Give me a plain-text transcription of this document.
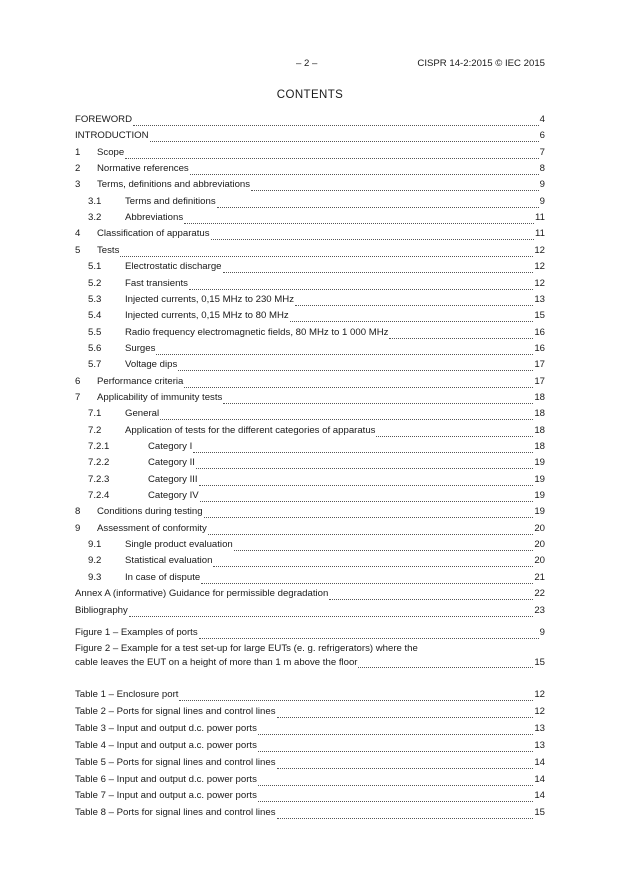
– 2 –	CISPR 14-2:2015 © IEC 2015
CONTENTS
FOREWORD	4
INTRODUCTION	6
1	Scope	7
2	Normative references	8
3	Terms, definitions and abbreviations	9
3.1	Terms and definitions	9
3.2	Abbreviations	11
4	Classification of apparatus	11
5	Tests	12
5.1	Electrostatic discharge	12
5.2	Fast transients	12
5.3	Injected currents, 0,15 MHz to 230 MHz	13
5.4	Injected currents, 0,15 MHz to 80 MHz	15
5.5	Radio frequency electromagnetic fields, 80 MHz to 1 000 MHz	16
5.6	Surges	16
5.7	Voltage dips	17
6	Performance criteria	17
7	Applicability of immunity tests	18
7.1	General	18
7.2	Application of tests for the different categories of apparatus	18
7.2.1	Category I	18
7.2.2	Category II	19
7.2.3	Category III	19
7.2.4	Category IV	19
8	Conditions during testing	19
9	Assessment of conformity	20
9.1	Single product evaluation	20
9.2	Statistical evaluation	20
9.3	In case of dispute	21
Annex A (informative) Guidance for permissible degradation	22
Bibliography	23
Figure 1 – Examples of ports	9
Figure 2 – Example for a test set-up for large EUTs (e. g. refrigerators) where the
cable leaves the EUT on a height of more than 1 m above the floor	15
Table 1 – Enclosure port	12
Table 2 – Ports for signal lines and control lines	12
Table 3 – Input and output d.c. power ports	13
Table 4 – Input and output a.c. power ports	13
Table 5 – Ports for signal lines and control lines	14
Table 6 – Input and output d.c. power ports	14
Table 7 – Input and output a.c. power ports	14
Table 8 – Ports for signal lines and control lines	15
